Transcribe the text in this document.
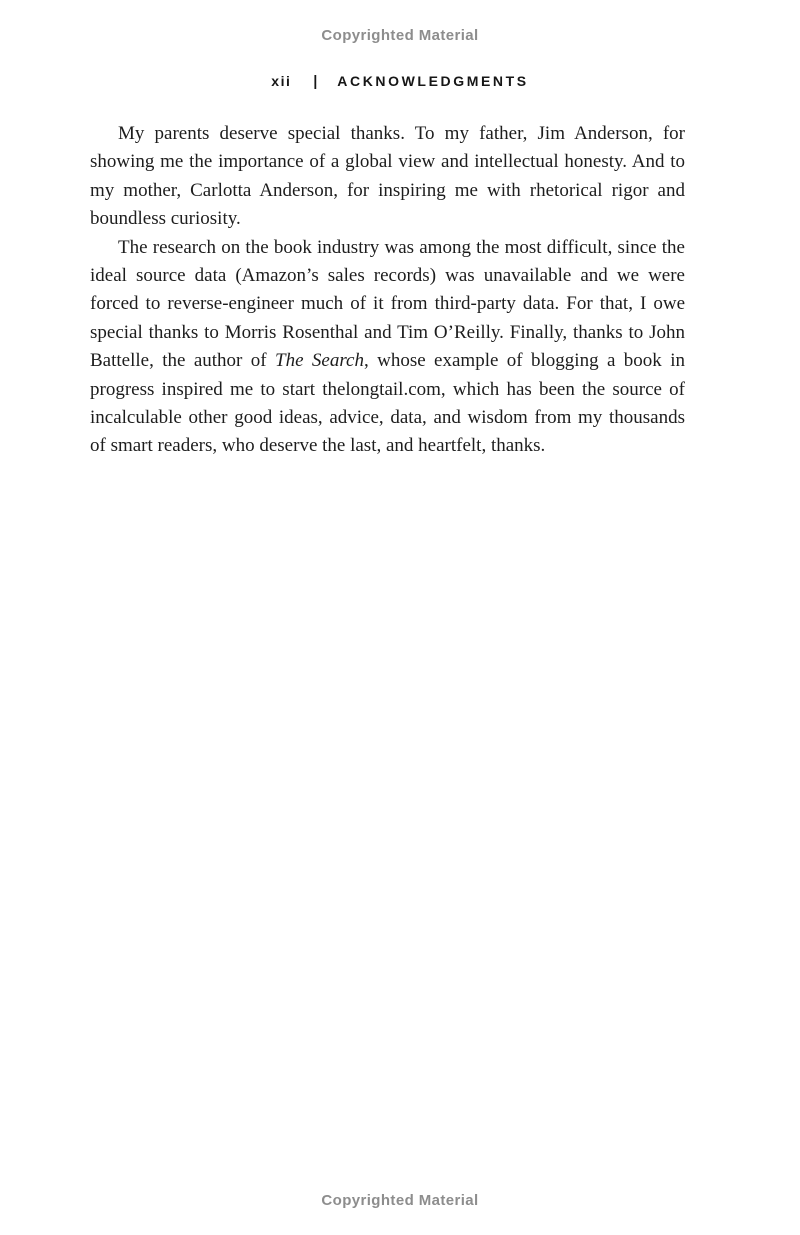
Copyrighted Material
xii | ACKNOWLEDGMENTS

My parents deserve special thanks. To my father, Jim Anderson, for showing me the importance of a global view and intellectual honesty. And to my mother, Carlotta Anderson, for inspiring me with rhetorical rigor and boundless curiosity.

The research on the book industry was among the most difficult, since the ideal source data (Amazon’s sales records) was unavailable and we were forced to reverse-engineer much of it from third-party data. For that, I owe special thanks to Morris Rosenthal and Tim O’Reilly. Finally, thanks to John Battelle, the author of The Search, whose example of blogging a book in progress inspired me to start thelongtail.com, which has been the source of incalculable other good ideas, advice, data, and wisdom from my thousands of smart readers, who deserve the last, and heartfelt, thanks.

Copyrighted Material
